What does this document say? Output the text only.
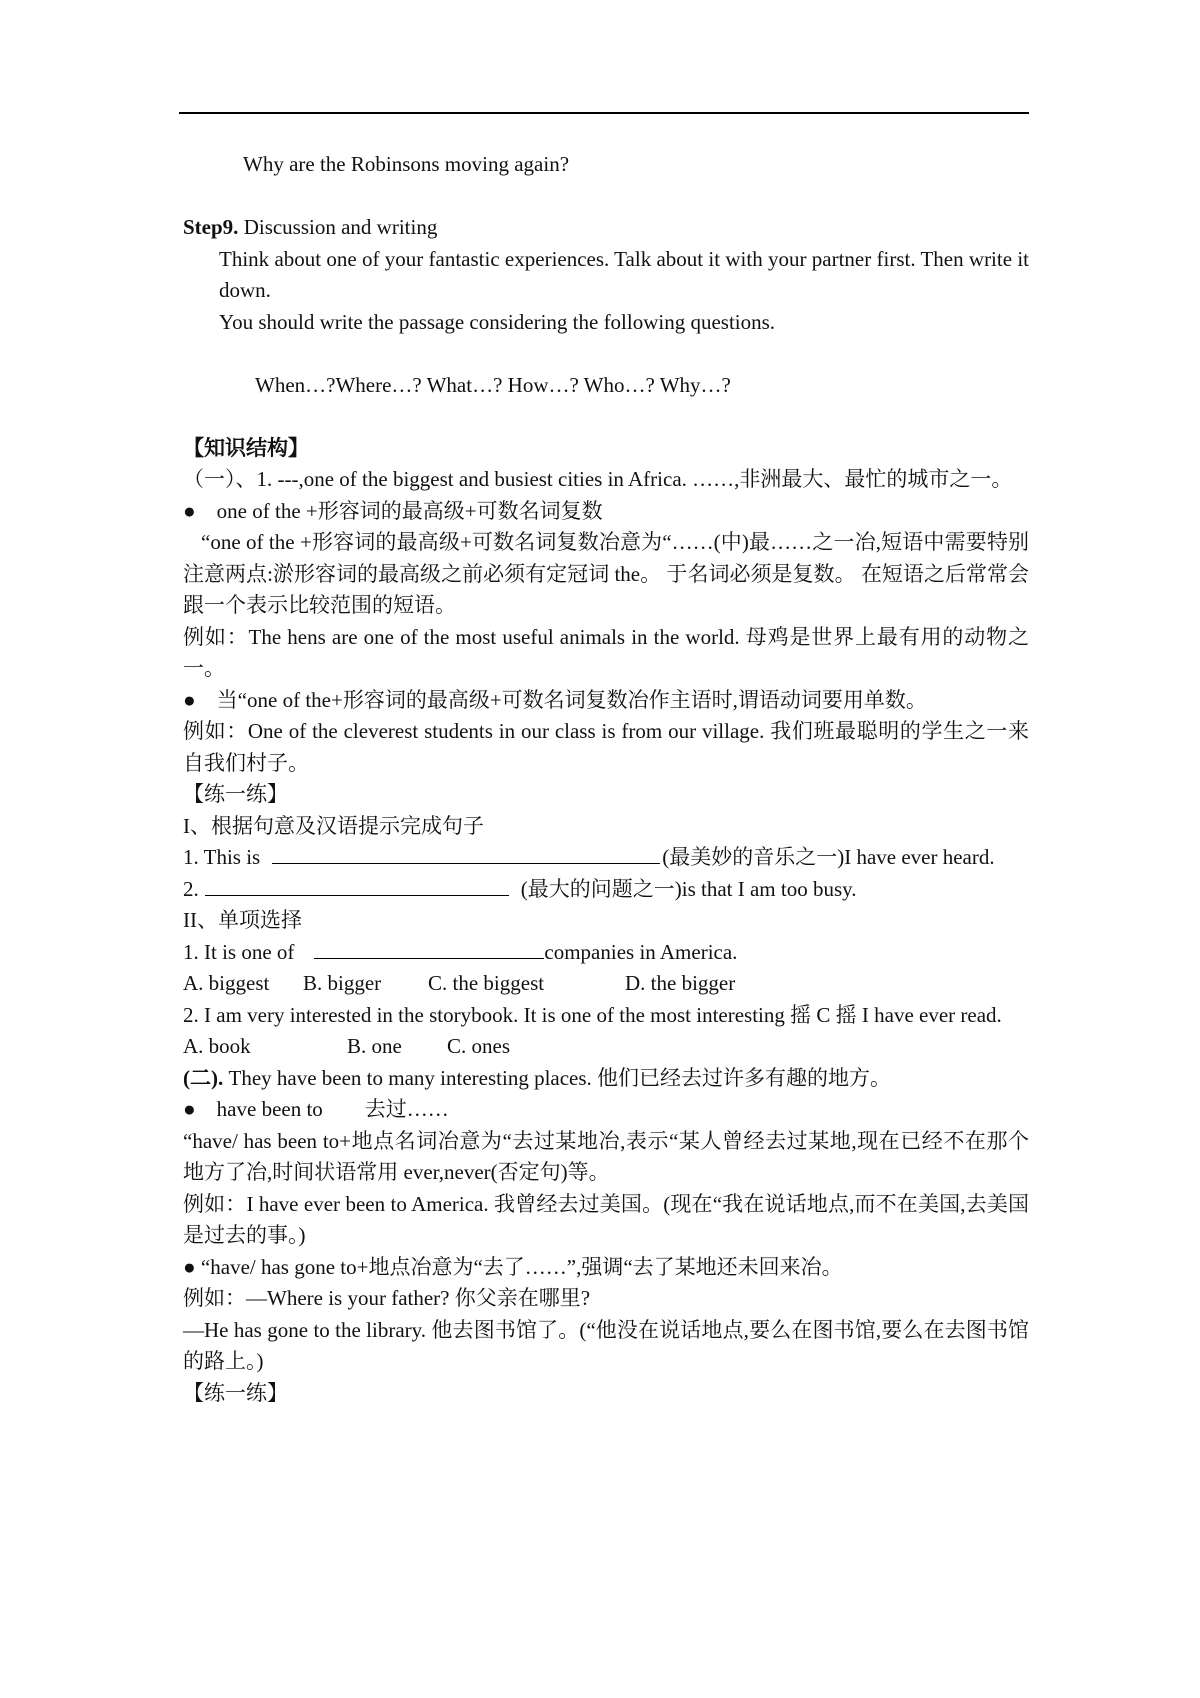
Why are the Robinsons moving again?

Step9. Discussion and writing

Think about one of your fantastic experiences. Talk about it with your partner first. Then write it down.

You should write the passage considering the following questions.

When…?Where…? What…? How…? Who…? Why…?

【知识结构】

（一）、1. ---,one of the biggest and busiest cities in Africa. ……,非洲最大、最忙的城市之一。

●　one of the +形容词的最高级+可数名词复数

“one of the +形容词的最高级+可数名词复数冶意为“……(中)最……之一冶,短语中需要特别注意两点:淤形容词的最高级之前必须有定冠词 the。 于名词必须是复数。 在短语之后常常会跟一个表示比较范围的短语。

例如：The hens are one of the most useful animals in the world. 母鸡是世界上最有用的动物之一。

●　当“one of the+形容词的最高级+可数名词复数冶作主语时,谓语动词要用单数。

例如：One of the cleverest students in our class is from our village. 我们班最聪明的学生之一来自我们村子。

【练一练】

I、根据句意及汉语提示完成句子

1. This is	(最美妙的音乐之一)I have ever heard.

2.	(最大的问题之一)is that I am too busy.

II、单项选择

1. It is one of	companies in America.

A. biggest B. bigger C. the biggest	D. the bigger

2. I am very interested in the storybook. It is one of the most interesting 摇 C 摇 I have ever read.

A. book	B. one C. ones

(二). They have been to many interesting places. 他们已经去过许多有趣的地方。

●　have been to　　去过……

“have/ has been to+地点名词冶意为“去过某地冶,表示“某人曾经去过某地,现在已经不在那个地方了冶,时间状语常用 ever,never(否定句)等。

例如：I have ever been to America. 我曾经去过美国。(现在“我在说话地点,而不在美国,去美国是过去的事。)

● “have/ has gone to+地点冶意为“去了……”,强调“去了某地还未回来冶。

例如：—Where is your father? 你父亲在哪里?

—He has gone to the library. 他去图书馆了。(“他没在说话地点,要么在图书馆,要么在去图书馆的路上。)

【练一练】
